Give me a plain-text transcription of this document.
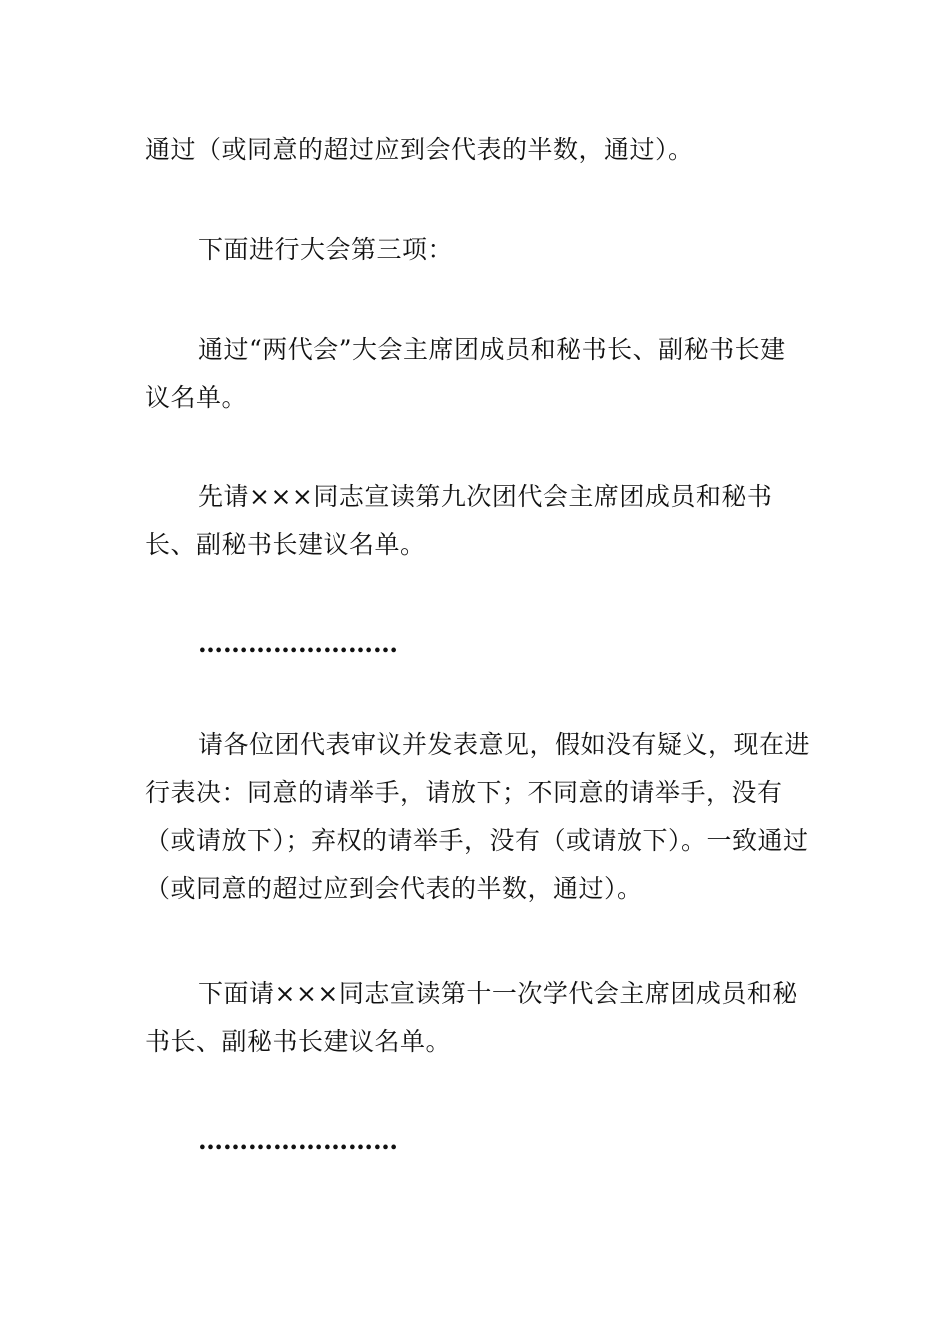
通过（或同意的超过应到会代表的半数，通过）。

下面进行大会第三项：

通过“两代会”大会主席团成员和秘书长、副秘书长建议名单。

先请×××同志宣读第九次团代会主席团成员和秘书长、副秘书长建议名单。

……………………

请各位团代表审议并发表意见，假如没有疑义，现在进行表决：同意的请举手，请放下；不同意的请举手，没有（或请放下）；弃权的请举手，没有（或请放下）。一致通过（或同意的超过应到会代表的半数，通过）。

下面请×××同志宣读第十一次学代会主席团成员和秘书长、副秘书长建议名单。

……………………
